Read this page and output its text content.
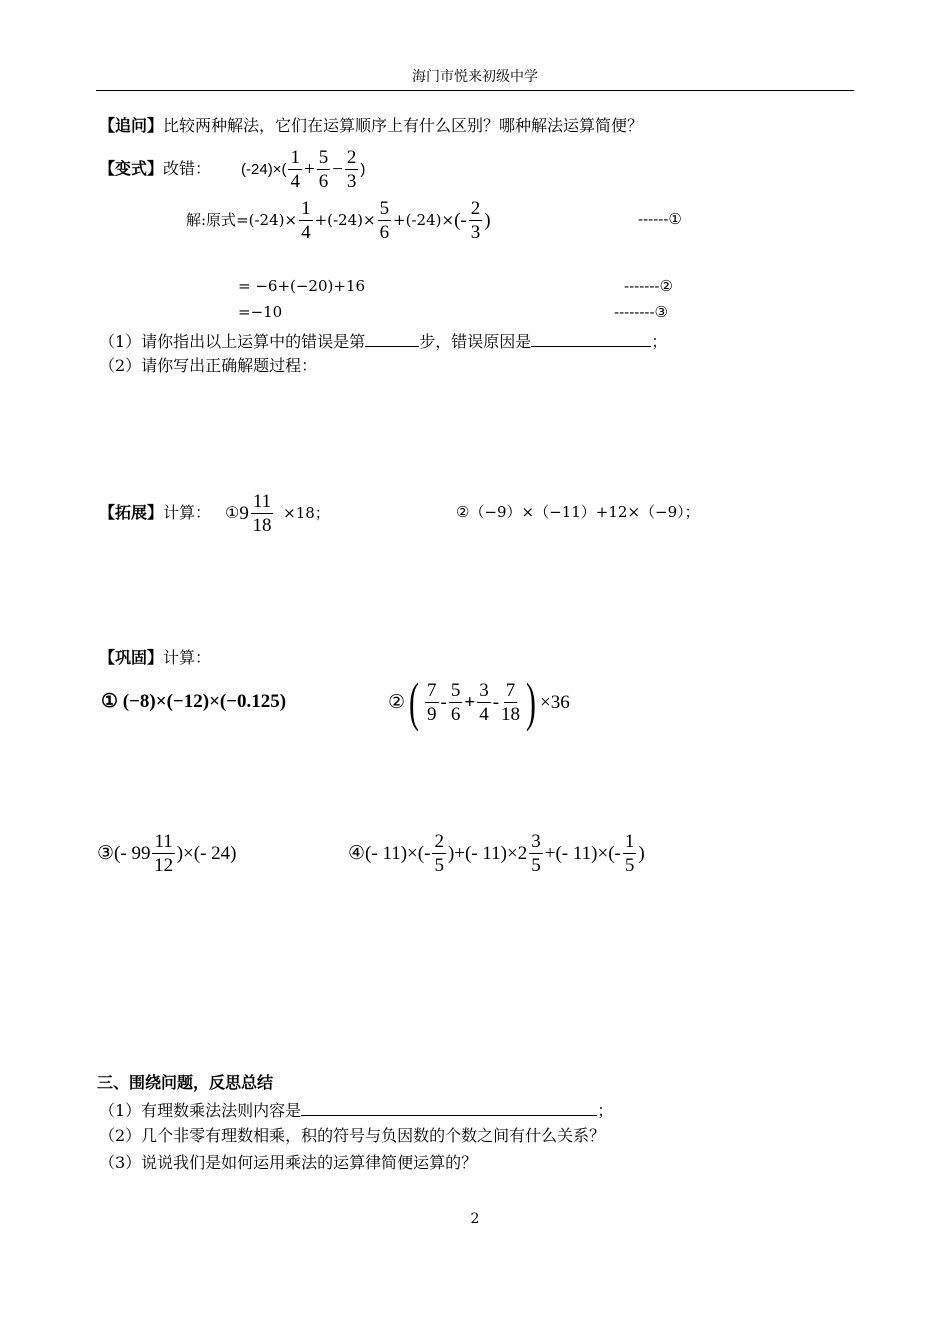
海门市悦来初级中学
【追问】比较两种解法，它们在运算顺序上有什么区别？哪种解法运算简便？
【变式】 改错： $(-24)\times( \frac{1}{4} + \frac{5}{6} - \frac{2}{3}$ )
解:原式$=(-24)\times \frac{1}{4} +(-24)\times \frac{5}{6} +(-24)\times$ (- $\frac{2}{3}$ )	------①
= −6+(−20)+16	-------②
=−10	--------③
（1）请你指出以上运算中的错误是第	步，错误原因是	；
（2）请你写出正确解题过程：
【拓展】 计算： ① $9 \frac{11}{18} \times 18$；	②（−9）×（−11）+12×（−9）；
【巩固】计算：
① (−8)×(−12)×(−0.125)	② ( $\frac{7}{9} - \frac{5}{6} + \frac{3}{4} - \frac{7}{18}$ ) ×36
③(- $99 \frac{11}{12}$ )×(- 24)	④(- $11)\times(- \frac{2}{5}$ )+(- $11)\times 2 \frac{3}{5}$ +(- $11)\times(- \frac{1}{5}$ )
三、围绕问题，反思总结
（1）有理数乘法法则内容是	；
（2）几个非零有理数相乘，积的符号与负因数的个数之间有什么关系？
（3）说说我们是如何运用乘法的运算律简便运算的？
2
